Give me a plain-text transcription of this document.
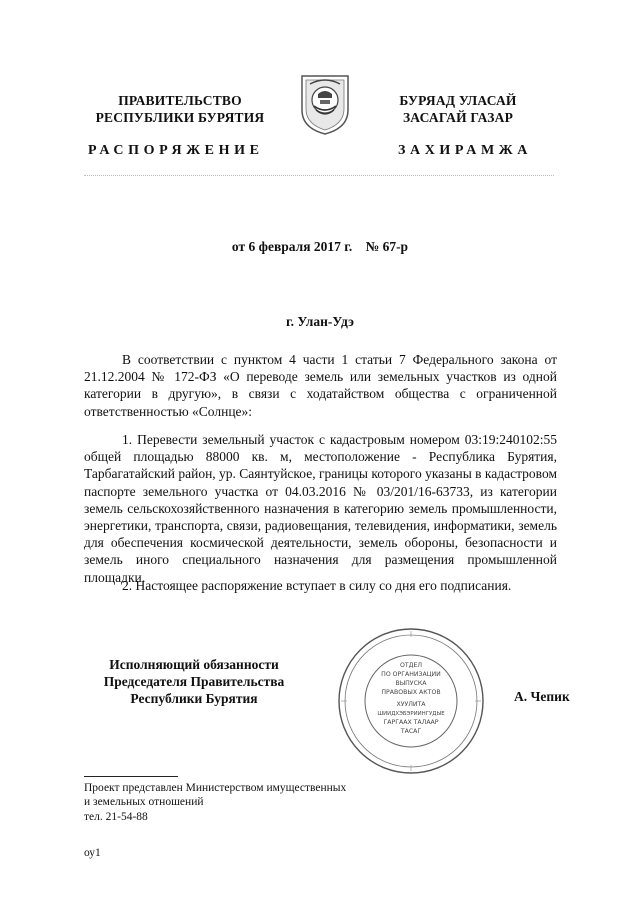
ПРАВИТЕЛЬСТВО
РЕСПУБЛИКИ БУРЯТИЯ
БУРЯАД УЛАСАЙ
ЗАСАГАЙ ГАЗАР
РАСПОРЯЖЕНИЕ	ЗАХИРАМЖА
от 6 февраля 2017 г. № 67-р
г. Улан-Удэ
В соответствии с пунктом 4 части 1 статьи 7 Федерального закона от 21.12.2004 № 172-ФЗ «О переводе земель или земельных участков из одной категории в другую», в связи с ходатайством общества с ограниченной ответственностью «Солнце»:
1. Перевести земельный участок с кадастровым номером 03:19:240102:55 общей площадью 88000 кв. м, местоположение - Республика Бурятия, Тарбагатайский район, ур. Саянтуйское, границы которого указаны в кадастровом паспорте земельного участка от 04.03.2016 № 03/201/16-63733, из категории земель сельскохозяйственного назначения в категорию земель промышленности, энергетики, транспорта, связи, радиовещания, телевидения, информатики, земель для обеспечения космической деятельности, земель обороны, безопасности и земель иного специального назначения для размещения промышленной площадки.
2. Настоящее распоряжение вступает в силу со дня его подписания.
Исполняющий обязанности
Председателя Правительства
Республики Бурятия
ОТДЕЛ
ПО ОРГАНИЗАЦИИ
ВЫПУСКА
ПРАВОВЫХ АКТОВ
ХУУЛИТА
ШИИДХЭБЭРИИНГУДЫЕ
ГАРГААХ ТАЛААР
ТАСАГ
А. Чепик
Проект представлен Министерством имущественных
и земельных отношений
тел. 21-54-88
оу1
